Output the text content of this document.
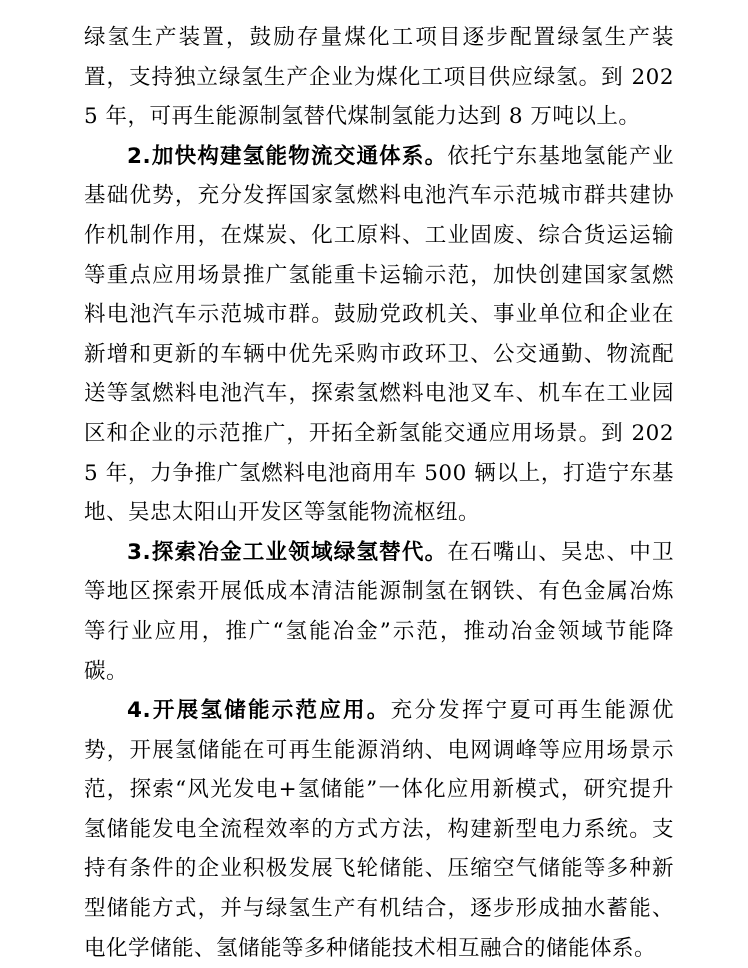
绿氢生产装置，鼓励存量煤化工项目逐步配置绿氢生产装置，支持独立绿氢生产企业为煤化工项目供应绿氢。到 2025 年，可再生能源制氢替代煤制氢能力达到 8 万吨以上。

2.加快构建氢能物流交通体系。依托宁东基地氢能产业基础优势，充分发挥国家氢燃料电池汽车示范城市群共建协作机制作用，在煤炭、化工原料、工业固废、综合货运运输等重点应用场景推广氢能重卡运输示范，加快创建国家氢燃料电池汽车示范城市群。鼓励党政机关、事业单位和企业在新增和更新的车辆中优先采购市政环卫、公交通勤、物流配送等氢燃料电池汽车，探索氢燃料电池叉车、机车在工业园区和企业的示范推广，开拓全新氢能交通应用场景。到 2025 年，力争推广氢燃料电池商用车 500 辆以上，打造宁东基地、吴忠太阳山开发区等氢能物流枢纽。

3.探索冶金工业领域绿氢替代。在石嘴山、吴忠、中卫等地区探索开展低成本清洁能源制氢在钢铁、有色金属冶炼等行业应用，推广“氢能冶金”示范，推动冶金领域节能降碳。

4.开展氢储能示范应用。充分发挥宁夏可再生能源优势，开展氢储能在可再生能源消纳、电网调峰等应用场景示范，探索“风光发电+氢储能”一体化应用新模式，研究提升氢储能发电全流程效率的方式方法，构建新型电力系统。支持有条件的企业积极发展飞轮储能、压缩空气储能等多种新型储能方式，并与绿氢生产有机结合，逐步形成抽水蓄能、电化学储能、氢储能等多种储能技术相互融合的储能体系。
